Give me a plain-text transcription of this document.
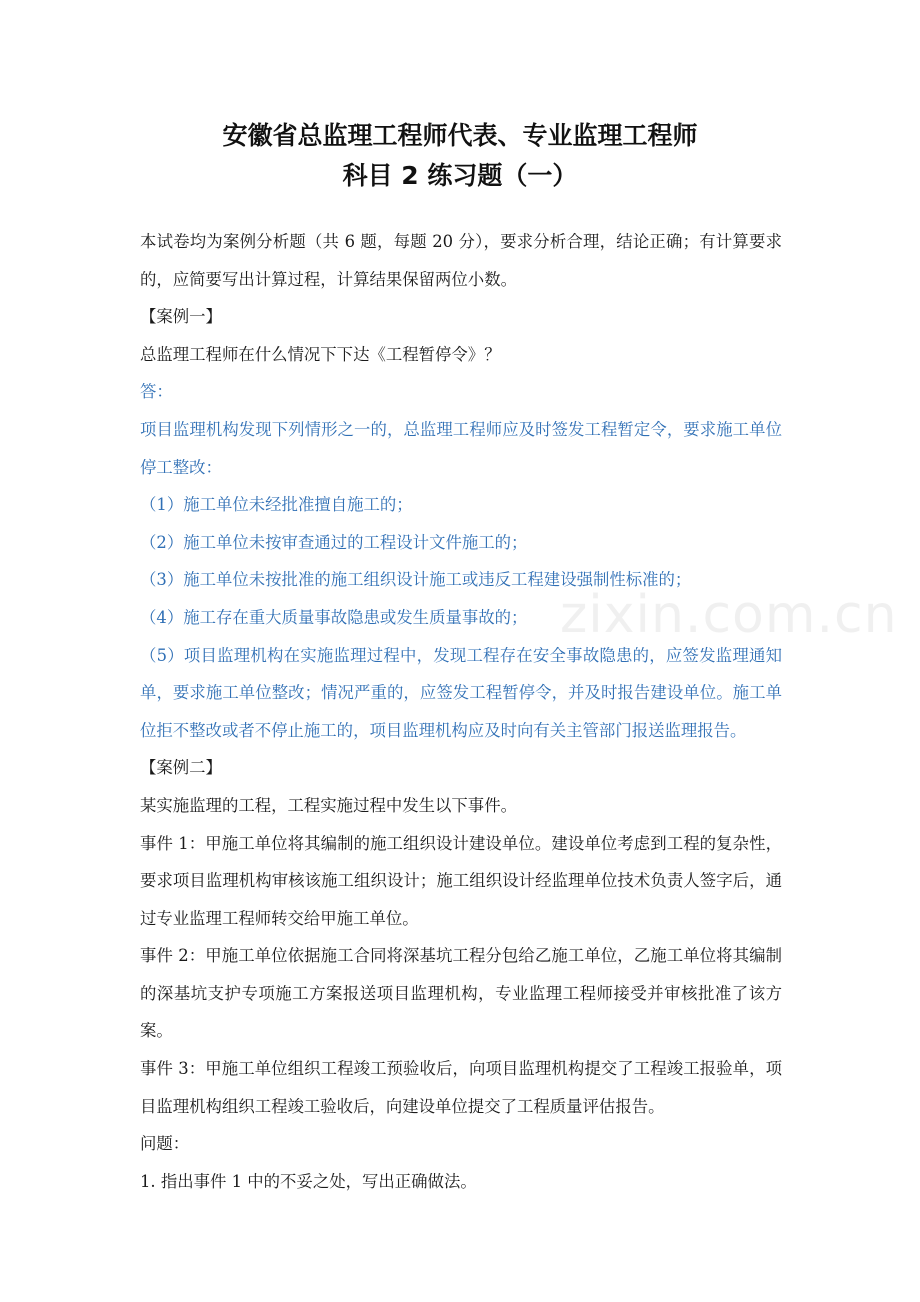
安徽省总监理工程师代表、专业监理工程师
科目 2 练习题（一）
zixin.com.cn

本试卷均为案例分析题（共 6 题，每题 20 分），要求分析合理，结论正确；有计算要求的，应简要写出计算过程，计算结果保留两位小数。

【案例一】

总监理工程师在什么情况下下达《工程暂停令》？

答：

项目监理机构发现下列情形之一的，总监理工程师应及时签发工程暂定令，要求施工单位停工整改：

（1）施工单位未经批准擅自施工的；

（2）施工单位未按审查通过的工程设计文件施工的；

（3）施工单位未按批准的施工组织设计施工或违反工程建设强制性标准的；

（4）施工存在重大质量事故隐患或发生质量事故的；

（5）项目监理机构在实施监理过程中，发现工程存在安全事故隐患的，应签发监理通知单，要求施工单位整改；情况严重的，应签发工程暂停令，并及时报告建设单位。施工单位拒不整改或者不停止施工的，项目监理机构应及时向有关主管部门报送监理报告。

【案例二】

某实施监理的工程，工程实施过程中发生以下事件。

事件 1：甲施工单位将其编制的施工组织设计建设单位。建设单位考虑到工程的复杂性，要求项目监理机构审核该施工组织设计；施工组织设计经监理单位技术负责人签字后，通过专业监理工程师转交给甲施工单位。

事件 2：甲施工单位依据施工合同将深基坑工程分包给乙施工单位，乙施工单位将其编制的深基坑支护专项施工方案报送项目监理机构，专业监理工程师接受并审核批准了该方案。

事件 3：甲施工单位组织工程竣工预验收后，向项目监理机构提交了工程竣工报验单，项目监理机构组织工程竣工验收后，向建设单位提交了工程质量评估报告。

问题：

1. 指出事件 1 中的不妥之处，写出正确做法。
